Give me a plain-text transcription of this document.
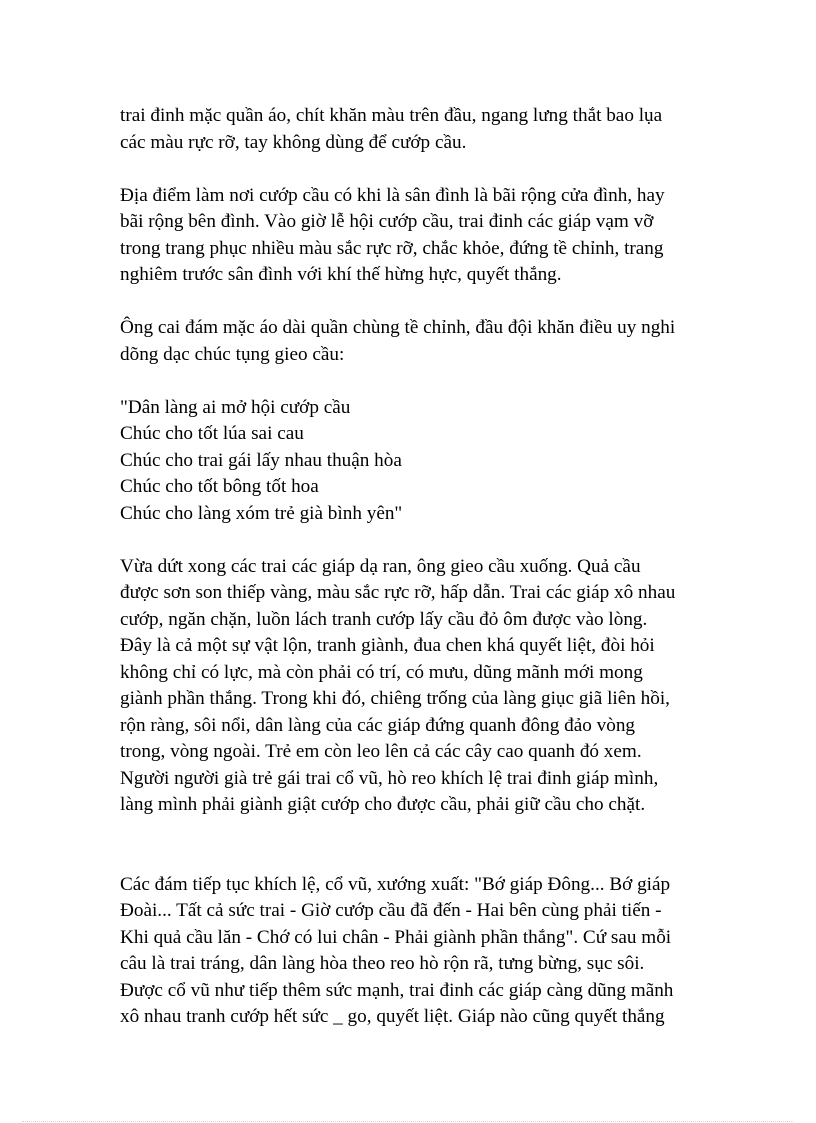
trai đinh mặc quần áo, chít khăn màu trên đầu, ngang lưng thắt bao lụa
các màu rực rỡ, tay không dùng để cướp cầu.

Địa điểm làm nơi cướp cầu có khi là sân đình là bãi rộng cửa đình, hay
bãi rộng bên đình. Vào giờ lễ hội cướp cầu, trai đinh các giáp vạm vỡ
trong trang phục nhiều màu sắc rực rỡ, chắc khỏe, đứng tề chỉnh, trang
nghiêm trước sân đình với khí thế hừng hực, quyết thắng.

Ông cai đám mặc áo dài quần chùng tề chỉnh, đầu đội khăn điều uy nghi
dõng dạc chúc tụng gieo cầu:

"Dân làng ai mở hội cướp cầu
Chúc cho tốt lúa sai cau
Chúc cho trai gái lấy nhau thuận hòa
Chúc cho tốt bông tốt hoa
Chúc cho làng xóm trẻ già bình yên"

Vừa dứt xong các trai các giáp dạ ran, ông gieo cầu xuống. Quả cầu
được sơn son thiếp vàng, màu sắc rực rỡ, hấp dẫn. Trai các giáp xô nhau
cướp, ngăn chặn, luồn lách tranh cướp lấy cầu đỏ ôm được vào lòng.
Đây là cả một sự vật lộn, tranh giành, đua chen khá quyết liệt, đòi hỏi
không chỉ có lực, mà còn phải có trí, có mưu, dũng mãnh mới mong
giành phần thắng. Trong khi đó, chiêng trống của làng giục giã liên hồi,
rộn ràng, sôi nổi, dân làng của các giáp đứng quanh đông đảo vòng
trong, vòng ngoài. Trẻ em còn leo lên cả các cây cao quanh đó xem.
Người người già trẻ gái trai cổ vũ, hò reo khích lệ trai đinh giáp mình,
làng mình phải giành giật cướp cho được cầu, phải giữ cầu cho chặt.

Các đám tiếp tục khích lệ, cổ vũ, xướng xuất: "Bớ giáp Đông... Bớ giáp
Đoài... Tất cả sức trai - Giờ cướp cầu đã đến - Hai bên cùng phải tiến -
Khi quả cầu lăn - Chớ có lui chân - Phải giành phần thắng". Cứ sau mỗi
câu là trai tráng, dân làng hòa theo reo hò rộn rã, tưng bừng, sục sôi.
Được cổ vũ như tiếp thêm sức mạnh, trai đinh các giáp càng dũng mãnh
xô nhau tranh cướp hết sức _ go, quyết liệt. Giáp nào cũng quyết thắng
